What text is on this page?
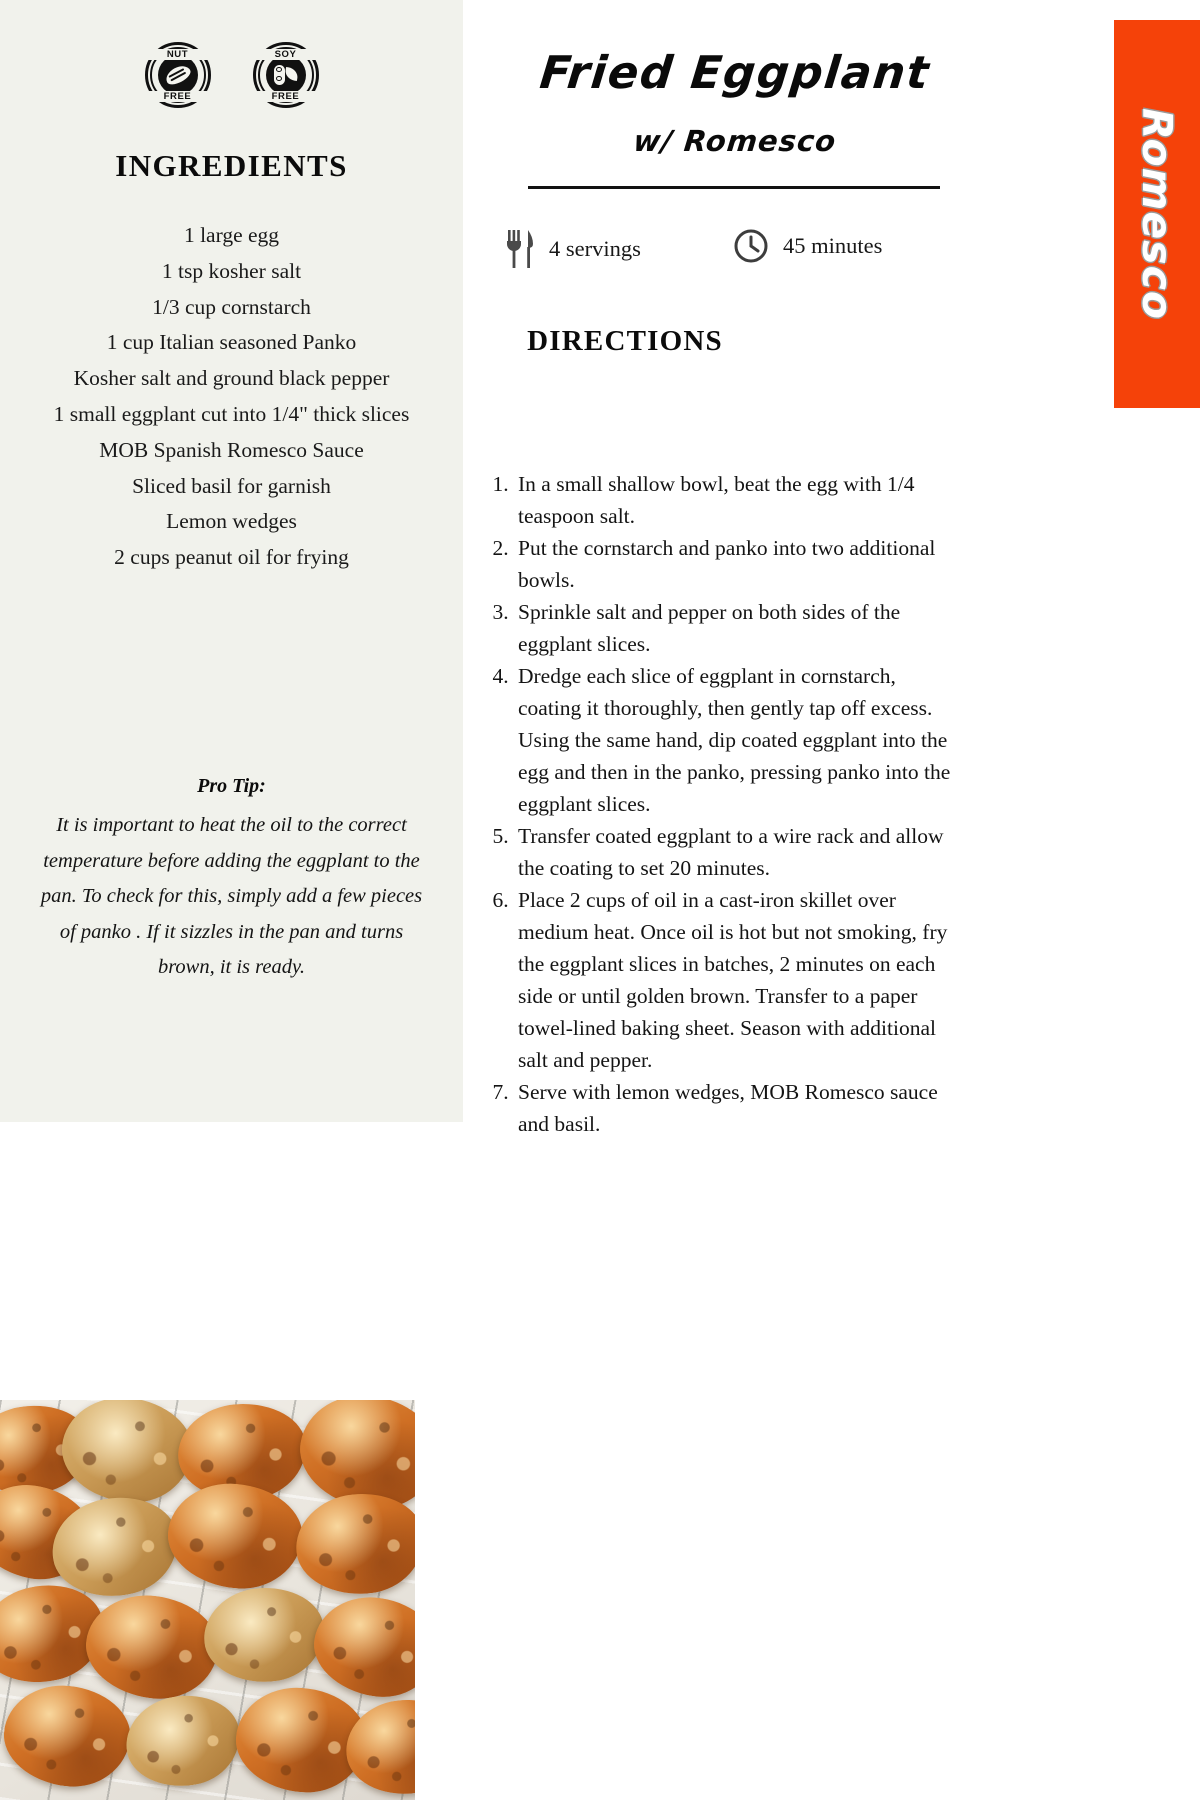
NUT
FREE
SOY
FREE
INGREDIENTS
1 large egg
1 tsp kosher salt
1/3 cup cornstarch
1 cup Italian seasoned Panko
Kosher salt and ground black pepper
1 small eggplant cut into 1/4" thick slices
MOB Spanish Romesco Sauce
Sliced basil for garnish
Lemon wedges
2 cups peanut oil for frying
Pro Tip:
It is important to heat the oil to the correct temperature before adding the eggplant to the pan. To check for this, simply add a few pieces of panko . If it sizzles in the pan and turns brown, it is ready.
Fried Eggplant
w/ Romesco
4 servings	45 minutes
DIRECTIONS
1. In a small shallow bowl, beat the egg with 1/4 teaspoon salt.
2. Put the cornstarch and panko into two additional bowls.
3. Sprinkle salt and pepper on both sides of the eggplant slices.
4. Dredge each slice of eggplant in cornstarch, coating it thoroughly, then gently tap off excess. Using the same hand, dip coated eggplant into the egg and then in the panko, pressing panko into the eggplant slices.
5. Transfer coated eggplant to a wire rack and allow the coating to set 20 minutes.
6. Place 2 cups of oil in a cast-iron skillet over medium heat. Once oil is hot but not smoking, fry the eggplant slices in batches, 2 minutes on each side or until golden brown. Transfer to a paper towel-lined baking sheet. Season with additional salt and pepper.
7. Serve with lemon wedges, MOB Romesco sauce and basil.
Romesco
